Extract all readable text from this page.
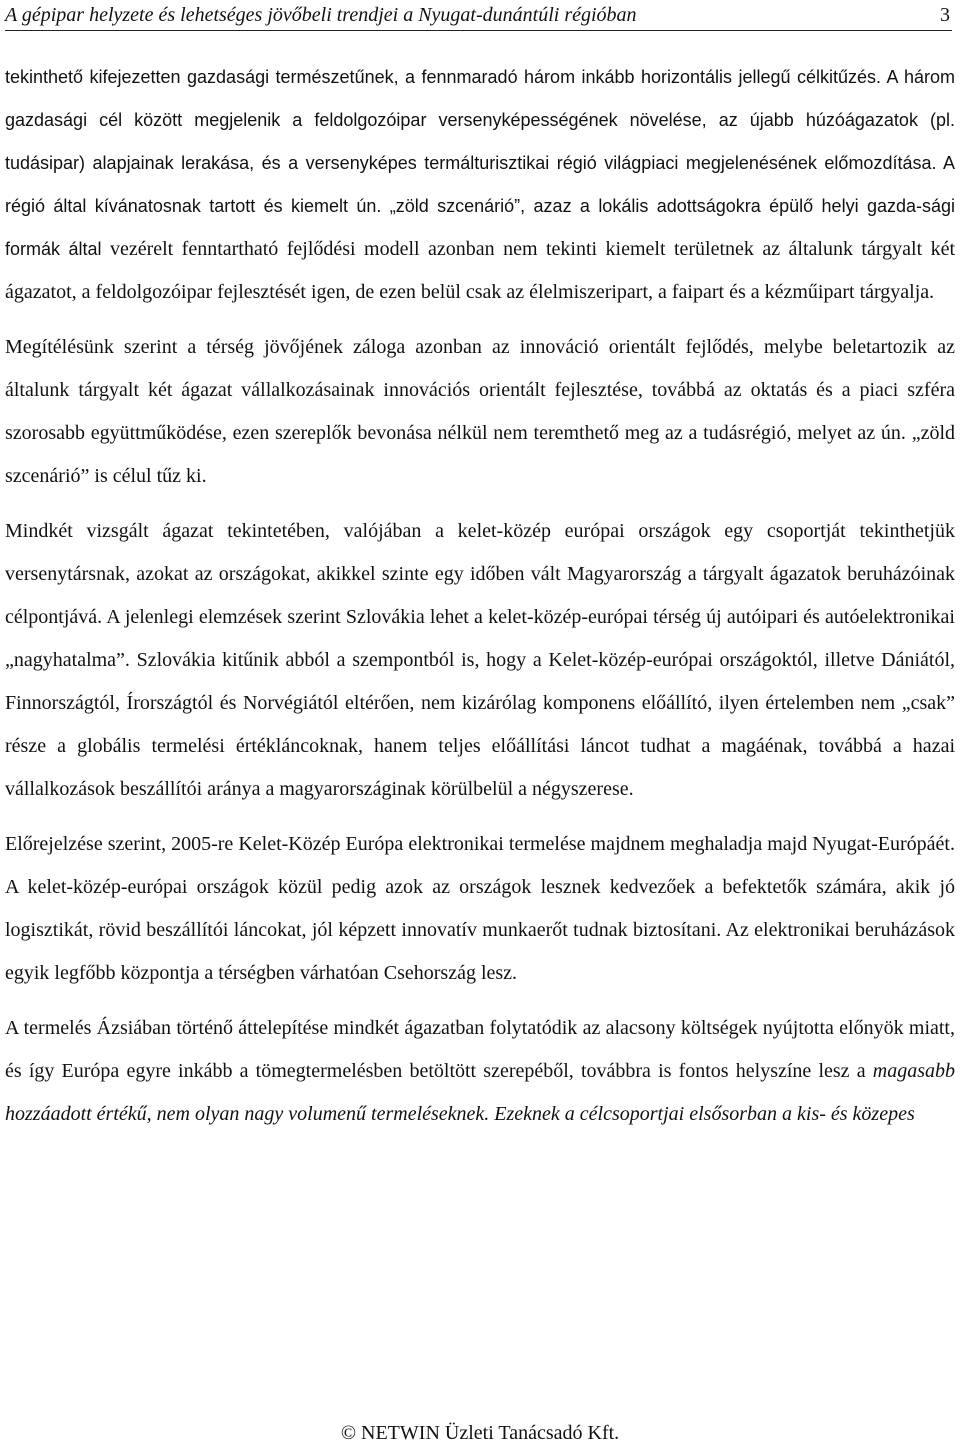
A gépipar helyzete és lehetséges jövőbeli trendjei a Nyugat-dunántúli régióban	3

tekinthető kifejezetten gazdasági természetűnek, a fennmaradó három inkább horizontális jellegű célkitűzés. A három gazdasági cél között megjelenik a feldolgozóipar versenyképességének növelése, az újabb húzóágazatok (pl. tudásipar) alapjainak lerakása, és a versenyképes termálturisztikai régió világpiaci megjelenésének előmozdítása. A régió által kívánatosnak tartott és kiemelt ún. „zöld szcenárió”, azaz a lokális adottságokra épülő helyi gazda-sági formák által vezérelt fenntartható fejlődési modell azonban nem tekinti kiemelt területnek az általunk tárgyalt két ágazatot, a feldolgozóipar fejlesztését igen, de ezen belül csak az élelmiszeripart, a faipart és a kézműipart tárgyalja.

Megítélésünk szerint a térség jövőjének záloga azonban az innováció orientált fejlődés, melybe beletartozik az általunk tárgyalt két ágazat vállalkozásainak innovációs orientált fejlesztése, továbbá az oktatás és a piaci szféra szorosabb együttműködése, ezen szereplők bevonása nélkül nem teremthető meg az a tudásrégió, melyet az ún. „zöld szcenárió” is célul tűz ki.

Mindkét vizsgált ágazat tekintetében, valójában a kelet-közép európai országok egy csoportját tekinthetjük versenytársnak, azokat az országokat, akikkel szinte egy időben vált Magyarország a tárgyalt ágazatok beruházóinak célpontjává. A jelenlegi elemzések szerint Szlovákia lehet a kelet-közép-európai térség új autóipari és autóelektronikai „nagyhatalma”. Szlovákia kitűnik abból a szempontból is, hogy a Kelet-közép-európai országoktól, illetve Dániától, Finnországtól, Írországtól és Norvégiától eltérően, nem kizárólag komponens előállító, ilyen értelemben nem „csak” része a globális termelési értékláncoknak, hanem teljes előállítási láncot tudhat a magáénak, továbbá a hazai vállalkozások beszállítói aránya a magyarországinak körülbelül a négyszerese.

Előrejelzése szerint, 2005-re Kelet-Közép Európa elektronikai termelése majdnem meghaladja majd Nyugat-Európáét. A kelet-közép-európai országok közül pedig azok az országok lesznek kedvezőek a befektetők számára, akik jó logisztikát, rövid beszállítói láncokat, jól képzett innovatív munkaerőt tudnak biztosítani. Az elektronikai beruházások egyik legfőbb központja a térségben várhatóan Csehország lesz.

A termelés Ázsiában történő áttelepítése mindkét ágazatban folytatódik az alacsony költségek nyújtotta előnyök miatt, és így Európa egyre inkább a tömegtermelésben betöltött szerepéből, továbbra is fontos helyszíne lesz a magasabb hozzáadott értékű, nem olyan nagy volumenű termeléseknek. Ezeknek a célcsoportjai elsősorban a kis- és közepes

© NETWIN Üzleti Tanácsadó Kft.
